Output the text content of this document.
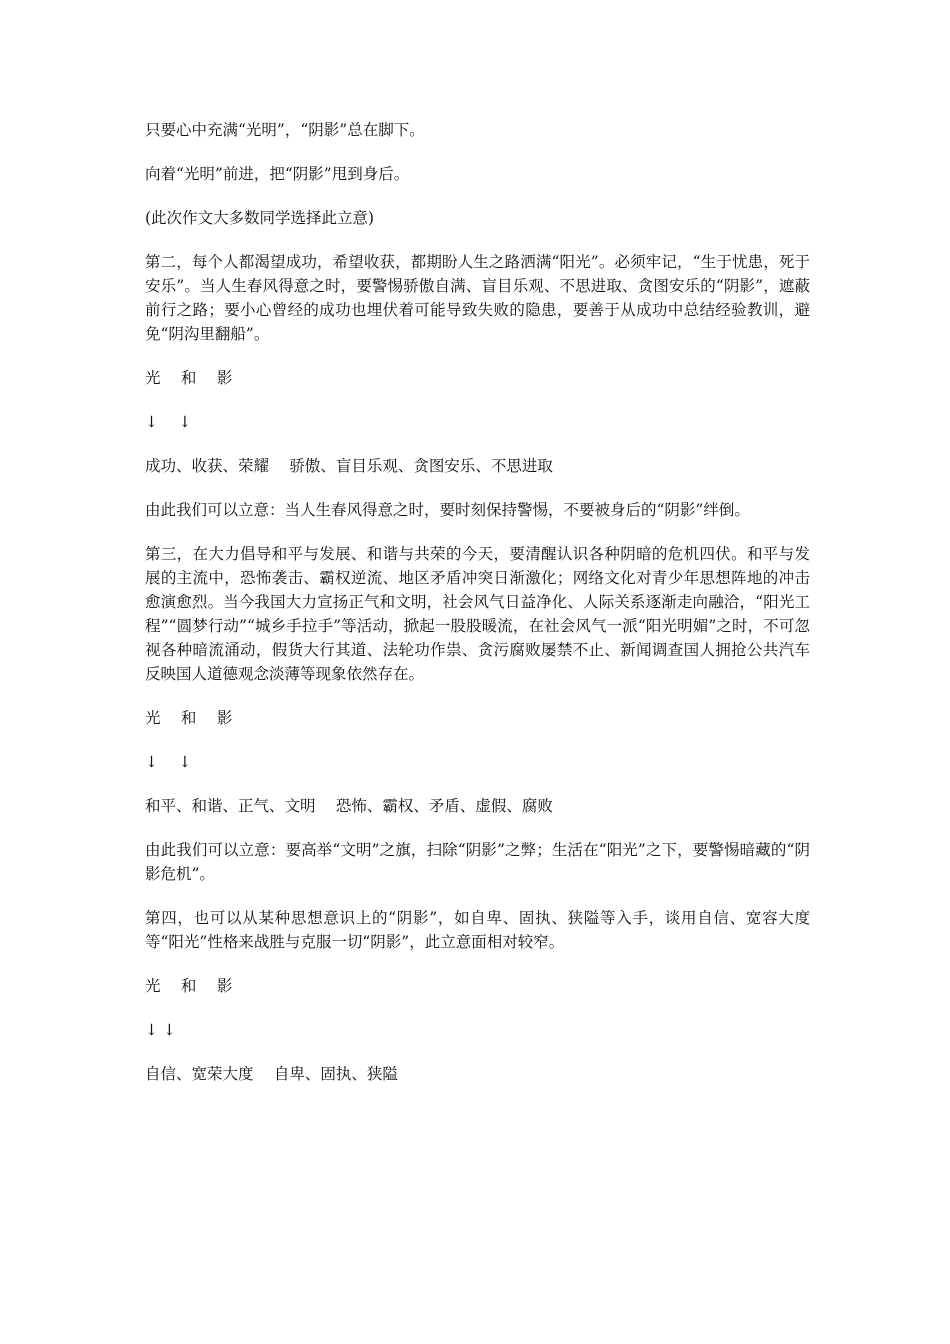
只要心中充满“光明”，“阴影”总在脚下。

向着“光明”前进，把“阴影”甩到身后。

(此次作文大多数同学选择此立意)

第二，每个人都渴望成功，希望收获，都期盼人生之路洒满“阳光”。必须牢记，“生于忧患，死于安乐”。当人生春风得意之时，要警惕骄傲自满、盲目乐观、不思进取、贪图安乐的“阴影”，遮蔽前行之路；要小心曾经的成功也埋伏着可能导致失败的隐患，要善于从成功中总结经验教训，避免“阴沟里翻船”。

光　 和　 影

↓　 ↓

成功、收获、荣耀　 骄傲、盲目乐观、贪图安乐、不思进取

由此我们可以立意：当人生春风得意之时，要时刻保持警惕，不要被身后的“阴影”绊倒。

第三，在大力倡导和平与发展、和谐与共荣的今天，要清醒认识各种阴暗的危机四伏。和平与发展的主流中，恐怖袭击、霸权逆流、地区矛盾冲突日渐激化；网络文化对青少年思想阵地的冲击愈演愈烈。当今我国大力宣扬正气和文明，社会风气日益净化、人际关系逐渐走向融洽，“阳光工程”“圆梦行动”“城乡手拉手”等活动，掀起一股股暖流，在社会风气一派“阳光明媚”之时，不可忽视各种暗流涌动，假货大行其道、法轮功作祟、贪污腐败屡禁不止、新闻调查国人拥抢公共汽车反映国人道德观念淡薄等现象依然存在。

光　 和　 影

↓　 ↓

和平、和谐、正气、文明　 恐怖、霸权、矛盾、虚假、腐败

由此我们可以立意：要高举“文明”之旗，扫除“阴影”之弊；生活在“阳光”之下，要警惕暗藏的“阴影危机”。

第四，也可以从某种思想意识上的“阴影”，如自卑、固执、狭隘等入手，谈用自信、宽容大度等“阳光”性格来战胜与克服一切“阴影”，此立意面相对较窄。

光　 和　 影

↓ ↓

自信、宽荣大度　 自卑、固执、狭隘
